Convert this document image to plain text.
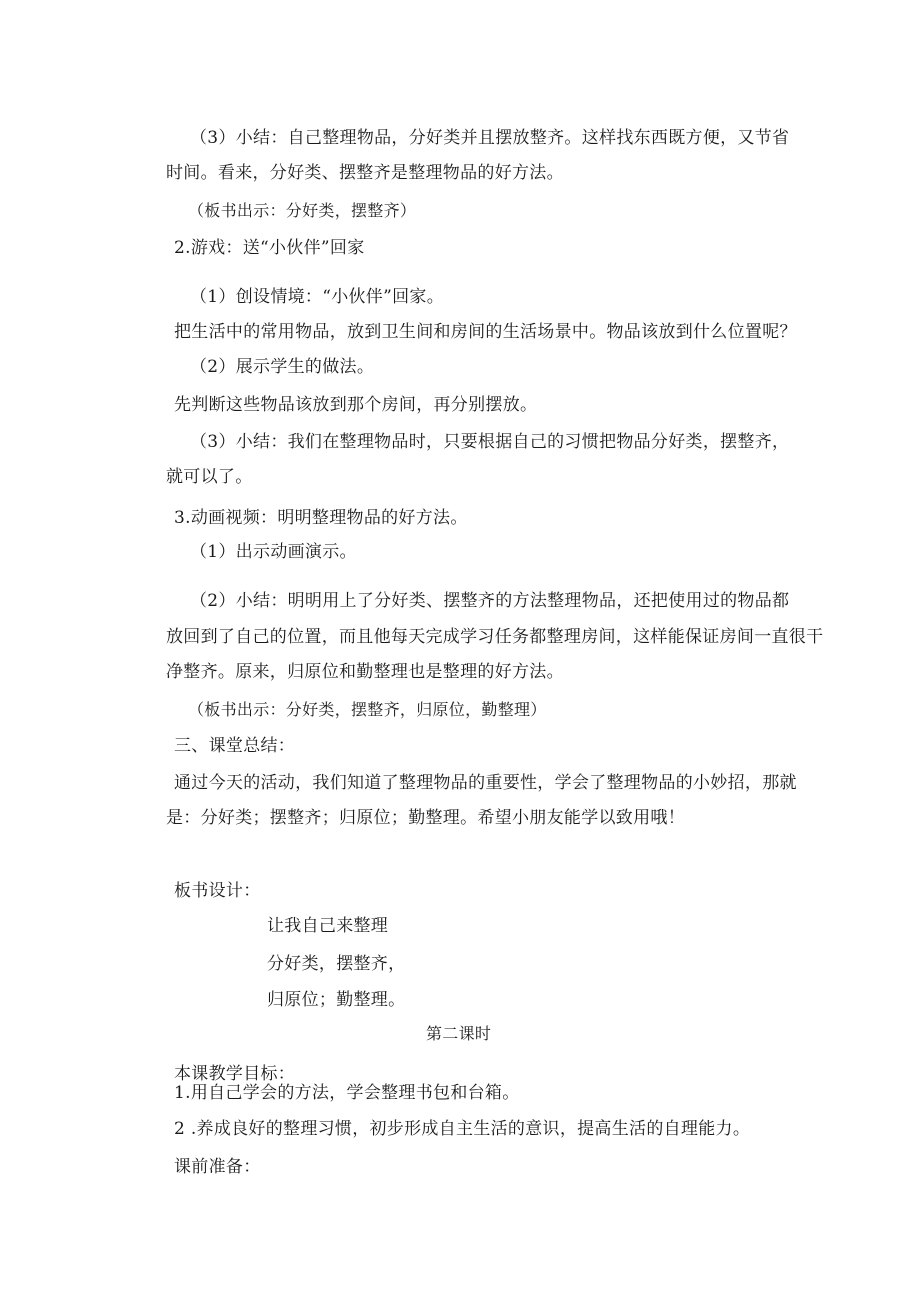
（3）小结：自己整理物品，分好类并且摆放整齐。这样找东西既方便，又节省
时间。看来，分好类、摆整齐是整理物品的好方法。
（板书出示：分好类，摆整齐）
2.游戏：送“小伙伴”回家
（1）创设情境：“小伙伴”回家。
把生活中的常用物品，放到卫生间和房间的生活场景中。物品该放到什么位置呢？
（2）展示学生的做法。
先判断这些物品该放到那个房间，再分别摆放。
（3）小结：我们在整理物品时，只要根据自己的习惯把物品分好类，摆整齐，
就可以了。
3.动画视频：明明整理物品的好方法。
（1）出示动画演示。
（2）小结：明明用上了分好类、摆整齐的方法整理物品，还把使用过的物品都
放回到了自己的位置，而且他每天完成学习任务都整理房间，这样能保证房间一直很干
净整齐。原来，归原位和勤整理也是整理的好方法。
（板书出示：分好类，摆整齐，归原位，勤整理）
三、课堂总结：
通过今天的活动，我们知道了整理物品的重要性，学会了整理物品的小妙招，那就
是：分好类；摆整齐；归原位；勤整理。希望小朋友能学以致用哦！
板书设计：
让我自己来整理
分好类，摆整齐，
归原位；勤整理。
第二课时
本课教学目标：
1.用自己学会的方法，学会整理书包和台箱。
2 .养成良好的整理习惯，初步形成自主生活的意识，提高生活的自理能力。
课前准备：
